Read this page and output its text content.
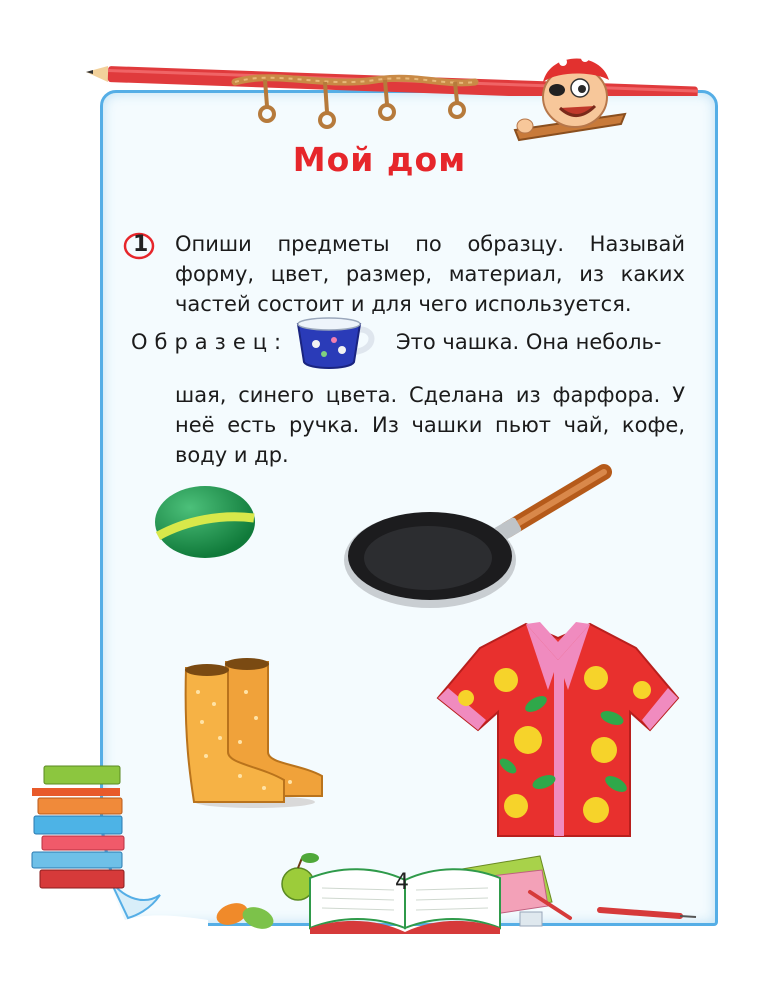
Мой дом
1 Опиши предметы по образцу. Называй форму, цвет, размер, материал, из каких частей состоит и для чего используется.
Образец:	Это чашка. Она неболь-
шая, синего цвета. Сделана из фарфора. У неё есть ручка. Из чашки пьют чай, кофе, воду и др.
4
